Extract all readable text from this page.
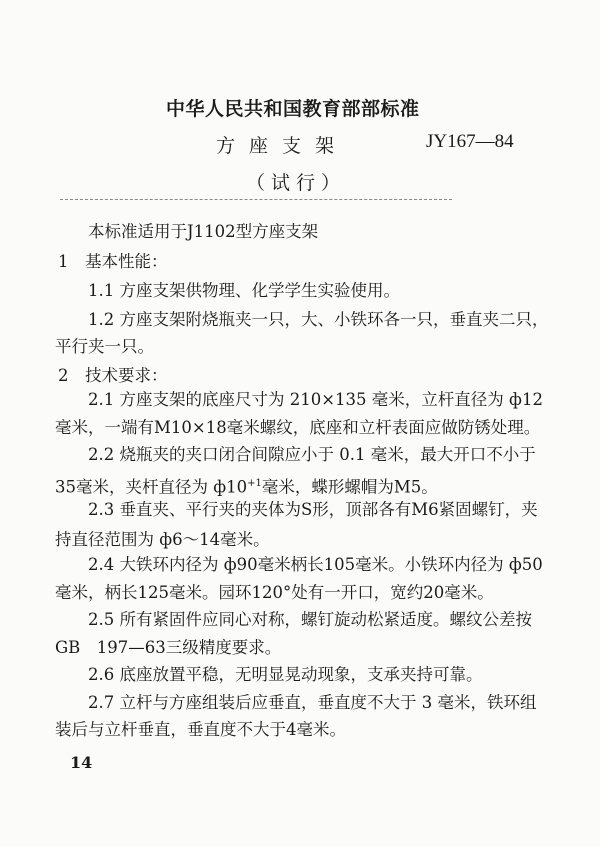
中华人民共和国教育部部标准
方座支架	JY167—84
（试行）
本标准适用于J1102型方座支架
1　基本性能：
1.1 方座支架供物理、化学学生实验使用。
1.2 方座支架附烧瓶夹一只，大、小铁环各一只，垂直夹二只，
平行夹一只。
2　技术要求：
2.1 方座支架的底座尺寸为 210×135 毫米，立杆直径为 ф12
毫米，一端有M10×18毫米螺纹，底座和立杆表面应做防锈处理。
2.2 烧瓶夹的夹口闭合间隙应小于 0.1 毫米，最大开口不小于
35毫米，夹杆直径为 $ф10^{+1}$毫米，蝶形螺帽为M5。
2.3 垂直夹、平行夹的夹体为S形，顶部各有M6紧固螺钉，夹
持直径范围为 ф6～14毫米。
2.4 大铁环内径为 ф90毫米柄长105毫米。小铁环内径为 ф50
毫米，柄长125毫米。园环120°处有一开口，宽约20毫米。
2.5 所有紧固件应同心对称，螺钉旋动松紧适度。螺纹公差按
GB　197—63三级精度要求。
2.6 底座放置平稳，无明显晃动现象，支承夹持可靠。
2.7 立杆与方座组装后应垂直，垂直度不大于 3 毫米，铁环组
装后与立杆垂直，垂直度不大于4毫米。
14
